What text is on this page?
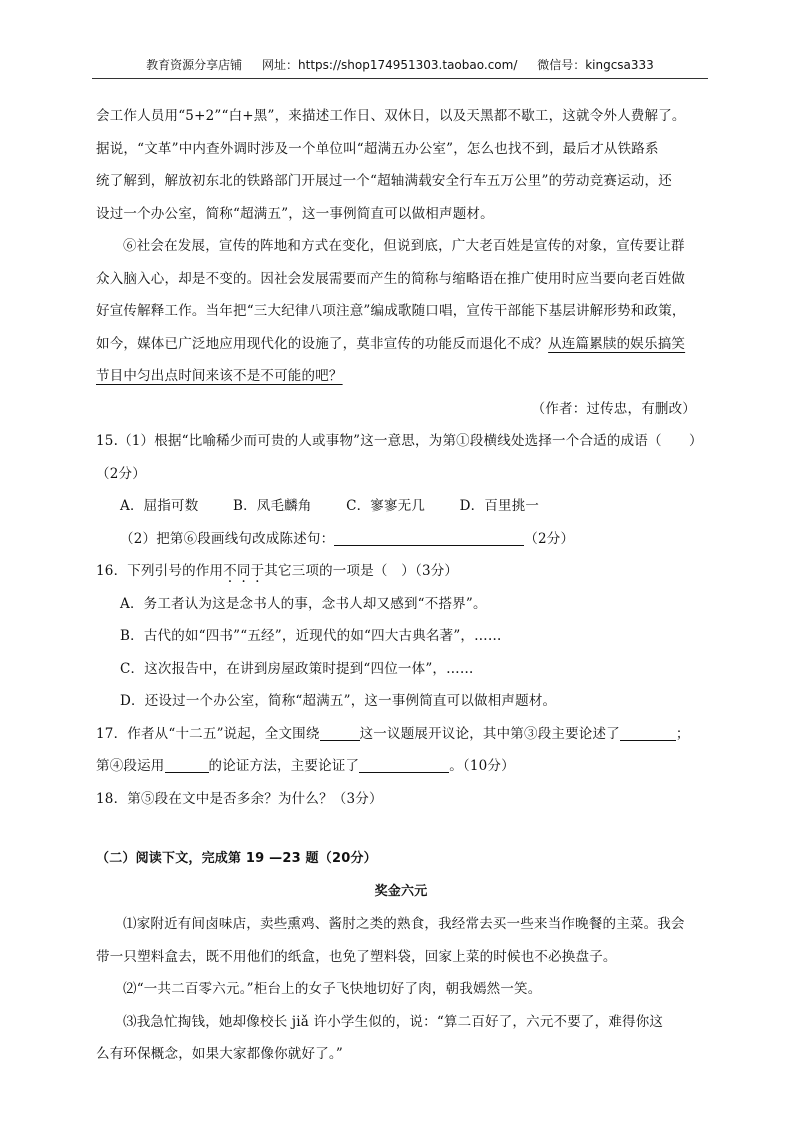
教育资源分享店铺 网址：https://shop174951303.taobao.com/ 微信号：kingcsa333

会工作人员用“5+2”“白+黑”，来描述工作日、双休日，以及天黑都不歇工，这就令外人费解了。

据说，“文革”中内查外调时涉及一个单位叫“超满五办公室”，怎么也找不到，最后才从铁路系

统了解到，解放初东北的铁路部门开展过一个“超轴满载安全行车五万公里”的劳动竞赛运动，还

设过一个办公室，简称“超满五”，这一事例简直可以做相声题材。

⑥社会在发展，宣传的阵地和方式在变化，但说到底，广大老百姓是宣传的对象，宣传要让群

众入脑入心，却是不变的。因社会发展需要而产生的简称与缩略语在推广使用时应当要向老百姓做

好宣传解释工作。当年把“三大纪律八项注意”编成歌随口唱，宣传干部能下基层讲解形势和政策，

如今，媒体已广泛地应用现代化的设施了，莫非宣传的功能反而退化不成？从连篇累牍的娱乐搞笑

节目中匀出点时间来该不是不可能的吧？

（作者：过传忠，有删改）

15.（1）根据“比喻稀少而可贵的人或事物”这一意思，为第①段横线处选择一个合适的成语（　　）

（2分）

A．屈指可数	B．凤毛麟角	C．寥寥无几	D．百里挑一

（2）把第⑥段画线句改成陈述句：	（2分）

16．下列引号的作用不同于其它三项的一项是（　）（3分）

A．务工者认为这是念书人的事，念书人却又感到“不搭界”。

B．古代的如“四书”“五经”，近现代的如“四大古典名著”，……

C．这次报告中，在讲到房屋政策时提到“四位一体”，……

D．还设过一个办公室，简称“超满五”，这一事例简直可以做相声题材。

17．作者从“十二五”说起，全文围绕	这一议题展开议论，其中第③段主要论述了	；

第④段运用	的论证方法，主要论证了	。（10分）

18．第⑤段在文中是否多余？为什么？（3分）

（二）阅读下文，完成第 19 —23 题（20分）

奖金六元

⑴家附近有间卤味店，卖些熏鸡、酱肘之类的熟食，我经常去买一些来当作晚餐的主菜。我会

带一只塑料盒去，既不用他们的纸盒，也免了塑料袋，回家上菜的时候也不必换盘子。

⑵“一共二百零六元。”柜台上的女子飞快地切好了肉，朝我嫣然一笑。

⑶我急忙掏钱，她却像校长 jiǎ 许小学生似的，说：“算二百好了，六元不要了，难得你这

么有环保概念，如果大家都像你就好了。”
